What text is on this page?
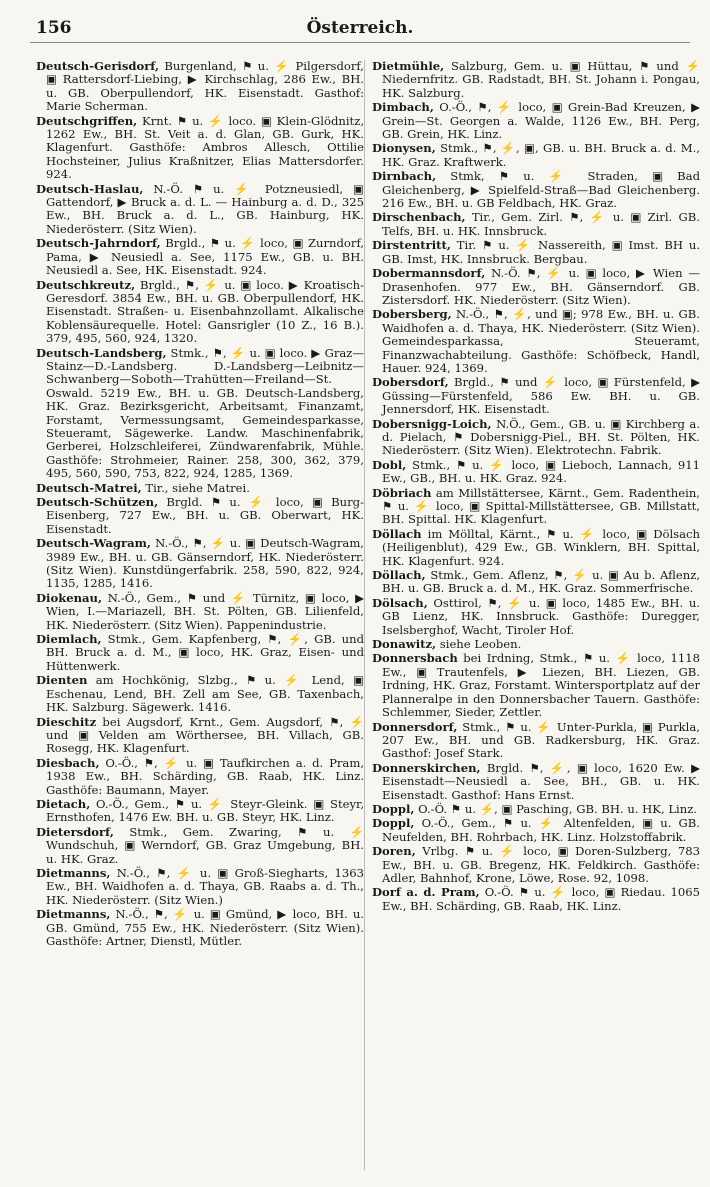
156	Österreich.

Deutsch-Gerisdorf, Burgenland, ⚑ u. ⚡ Pilgersdorf, ▣ Rattersdorf-Liebing, ▶ Kirchschlag, 286 Ew., BH. u. GB. Oberpullendorf, HK. Eisenstadt. Gasthof: Marie Scherman.

Deutschgriffen, Krnt. ⚑ u. ⚡ loco. ▣ Klein-Glödnitz, 1262 Ew., BH. St. Veit a. d. Glan, GB. Gurk, HK. Klagenfurt. Gasthöfe: Ambros Allesch, Ottilie Hochsteiner, Julius Kraßnitzer, Elias Mattersdorfer. 924.

Deutsch-Haslau, N.-Ö. ⚑ u. ⚡ Potzneusiedl, ▣ Gattendorf, ▶ Bruck a. d. L. — Hainburg a. d. D., 325 Ew., BH. Bruck a. d. L., GB. Hainburg, HK. Niederösterr. (Sitz Wien).

Deutsch-Jahrndorf, Brgld., ⚑ u. ⚡ loco, ▣ Zurndorf, Pama, ▶ Neusiedl a. See, 1175 Ew., GB. u. BH. Neusiedl a. See, HK. Eisenstadt. 924.

Deutschkreutz, Brgld., ⚑, ⚡ u. ▣ loco. ▶ Kroatisch-Geresdorf. 3854 Ew., BH. u. GB. Oberpullendorf, HK. Eisenstadt. Straßen- u. Eisenbahnzollamt. Alkalische Koblensäurequelle. Hotel: Gansrigler (10 Z., 16 B.). 379, 495, 560, 924, 1320.

Deutsch-Landsberg, Stmk., ⚑, ⚡ u. ▣ loco. ▶ Graz—Stainz—D.-Landsberg. D.-Landsberg—Leibnitz—Schwanberg—Soboth—Trahütten—Freiland—St. Oswald. 5219 Ew., BH. u. GB. Deutsch-Landsberg, HK. Graz. Bezirksgericht, Arbeitsamt, Finanzamt, Forstamt, Vermessungsamt, Gemeindesparkasse, Steueramt, Sägewerke. Landw. Maschinenfabrik, Gerberei, Holzschleiferei, Zündwarenfabrik, Mühle. Gasthöfe: Strohmeier, Rainer. 258, 300, 362, 379, 495, 560, 590, 753, 822, 924, 1285, 1369.

Deutsch-Matrei, Tir., siehe Matrei.

Deutsch-Schützen, Brgld. ⚑ u. ⚡ loco, ▣ Burg-Eisenberg, 727 Ew., BH. u. GB. Oberwart, HK. Eisenstadt.

Deutsch-Wagram, N.-Ö., ⚑, ⚡ u. ▣ Deutsch-Wagram, 3989 Ew., BH. u. GB. Gänserndorf, HK. Niederösterr. (Sitz Wien). Kunstdüngerfabrik. 258, 590, 822, 924, 1135, 1285, 1416.

Diokenau, N.-Ö., Gem., ⚑ und ⚡ Türnitz, ▣ loco, ▶ Wien, I.—Mariazell, BH. St. Pölten, GB. Lilienfeld, HK. Niederösterr. (Sitz Wien). Pappenindustrie.

Diemlach, Stmk., Gem. Kapfenberg, ⚑, ⚡, GB. und BH. Bruck a. d. M., ▣ loco, HK. Graz, Eisen- und Hüttenwerk.

Dienten am Hochkönig, Slzbg., ⚑ u. ⚡ Lend, ▣ Eschenau, Lend, BH. Zell am See, GB. Taxenbach, HK. Salzburg. Sägewerk. 1416.

Dieschitz bei Augsdorf, Krnt., Gem. Augsdorf, ⚑, ⚡ und ▣ Velden am Wörthersee, BH. Villach, GB. Rosegg, HK. Klagenfurt.

Diesbach, O.-Ö., ⚑, ⚡ u. ▣ Taufkirchen a. d. Pram, 1938 Ew., BH. Schärding, GB. Raab, HK. Linz. Gasthöfe: Baumann, Mayer.

Dietach, O.-Ö., Gem., ⚑ u. ⚡ Steyr-Gleink. ▣ Steyr, Ernsthofen, 1476 Ew. BH. u. GB. Steyr, HK. Linz.

Dietersdorf, Stmk., Gem. Zwaring, ⚑ u. ⚡ Wundschuh, ▣ Werndorf, GB. Graz Umgebung, BH. u. HK. Graz.

Dietmanns, N.-Ö., ⚑, ⚡ u. ▣ Groß-Siegharts, 1363 Ew., BH. Waidhofen a. d. Thaya, GB. Raabs a. d. Th., HK. Niederösterr. (Sitz Wien.)

Dietmanns, N.-Ö., ⚑, ⚡ u. ▣ Gmünd, ▶ loco, BH. u. GB. Gmünd, 755 Ew., HK. Niederösterr. (Sitz Wien). Gasthöfe: Artner, Dienstl, Mütler.

Dietmühle, Salzburg, Gem. u. ▣ Hüttau, ⚑ und ⚡ Niedernfritz. GB. Radstadt, BH. St. Johann i. Pongau, HK. Salzburg.

Dimbach, O.-Ö., ⚑, ⚡ loco, ▣ Grein-Bad Kreuzen, ▶ Grein—St. Georgen a. Walde, 1126 Ew., BH. Perg, GB. Grein, HK. Linz.

Dionysen, Stmk., ⚑, ⚡, ▣, GB. u. BH. Bruck a. d. M., HK. Graz. Kraftwerk.

Dirnbach, Stmk, ⚑ u. ⚡ Straden, ▣ Bad Gleichenberg, ▶ Spielfeld-Straß—Bad Gleichenberg. 216 Ew., BH. u. GB Feldbach, HK. Graz.

Dirschenbach, Tir., Gem. Zirl. ⚑, ⚡ u. ▣ Zirl. GB. Telfs, BH. u. HK. Innsbruck.

Dirstentritt, Tir. ⚑ u. ⚡ Nassereith, ▣ Imst. BH u. GB. Imst, HK. Innsbruck. Bergbau.

Dobermannsdorf, N.-Ö. ⚑, ⚡ u. ▣ loco, ▶ Wien — Drasenhofen. 977 Ew., BH. Gänserndorf. GB. Zistersdorf. HK. Niederösterr. (Sitz Wien).

Dobersberg, N.-Ö., ⚑, ⚡, und ▣; 978 Ew., BH. u. GB. Waidhofen a. d. Thaya, HK. Niederösterr. (Sitz Wien). Gemeindesparkassa, Steueramt, Finanzwachabteilung. Gasthöfe: Schöfbeck, Handl, Hauer. 924, 1369.

Dobersdorf, Brgld., ⚑ und ⚡ loco, ▣ Fürstenfeld, ▶ Güssing—Fürstenfeld, 586 Ew. BH. u. GB. Jennersdorf, HK. Eisenstadt.

Dobersnigg-Loich, N.Ö., Gem., GB. u. ▣ Kirchberg a. d. Pielach, ⚑ Dobersnigg-Piel., BH. St. Pölten, HK. Niederösterr. (Sitz Wien). Elektrotechn. Fabrik.

Dobl, Stmk., ⚑ u. ⚡ loco, ▣ Lieboch, Lannach, 911 Ew., GB., BH. u. HK. Graz. 924.

Döbriach am Millstättersee, Kärnt., Gem. Radenthein, ⚑ u. ⚡ loco, ▣ Spittal-Millstättersee, GB. Millstatt, BH. Spittal. HK. Klagenfurt.

Döllach im Mölltal, Kärnt., ⚑ u. ⚡ loco, ▣ Dölsach (Heiligenblut), 429 Ew., GB. Winklern, BH. Spittal, HK. Klagenfurt. 924.

Döllach, Stmk., Gem. Aflenz, ⚑, ⚡ u. ▣ Au b. Aflenz, BH. u. GB. Bruck a. d. M., HK. Graz. Sommerfrische.

Dölsach, Osttirol, ⚑, ⚡ u. ▣ loco, 1485 Ew., BH. u. GB Lienz, HK. Innsbruck. Gasthöfe: Duregger, Iselsberghof, Wacht, Tiroler Hof.

Donawitz, siehe Leoben.

Donnersbach bei Irdning, Stmk., ⚑ u. ⚡ loco, 1118 Ew., ▣ Trautenfels, ▶ Liezen, BH. Liezen, GB. Irdning, HK. Graz, Forstamt. Wintersportplatz auf der Planneralpe in den Donnersbacher Tauern. Gasthöfe: Schlemmer, Sieder, Zettler.

Donnersdorf, Stmk., ⚑ u. ⚡ Unter-Purkla, ▣ Purkla, 207 Ew., BH. und GB. Radkersburg, HK. Graz. Gasthof: Josef Stark.

Donnerskirchen, Brgld. ⚑, ⚡, ▣ loco, 1620 Ew. ▶ Eisenstadt—Neusiedl a. See, BH., GB. u. HK. Eisenstadt. Gasthof: Hans Ernst.

Doppl, O.-Ö. ⚑ u. ⚡, ▣ Pasching, GB. BH. u. HK, Linz.

Doppl, O.-Ö., Gem., ⚑ u. ⚡ Altenfelden, ▣ u. GB. Neufelden, BH. Rohrbach, HK. Linz. Holzstoffabrik.

Doren, Vrlbg. ⚑ u. ⚡ loco, ▣ Doren-Sulzberg, 783 Ew., BH. u. GB. Bregenz, HK. Feldkirch. Gasthöfe: Adler, Bahnhof, Krone, Löwe, Rose. 92, 1098.

Dorf a. d. Pram, O.-Ö. ⚑ u. ⚡ loco, ▣ Riedau. 1065 Ew., BH. Schärding, GB. Raab, HK. Linz.
